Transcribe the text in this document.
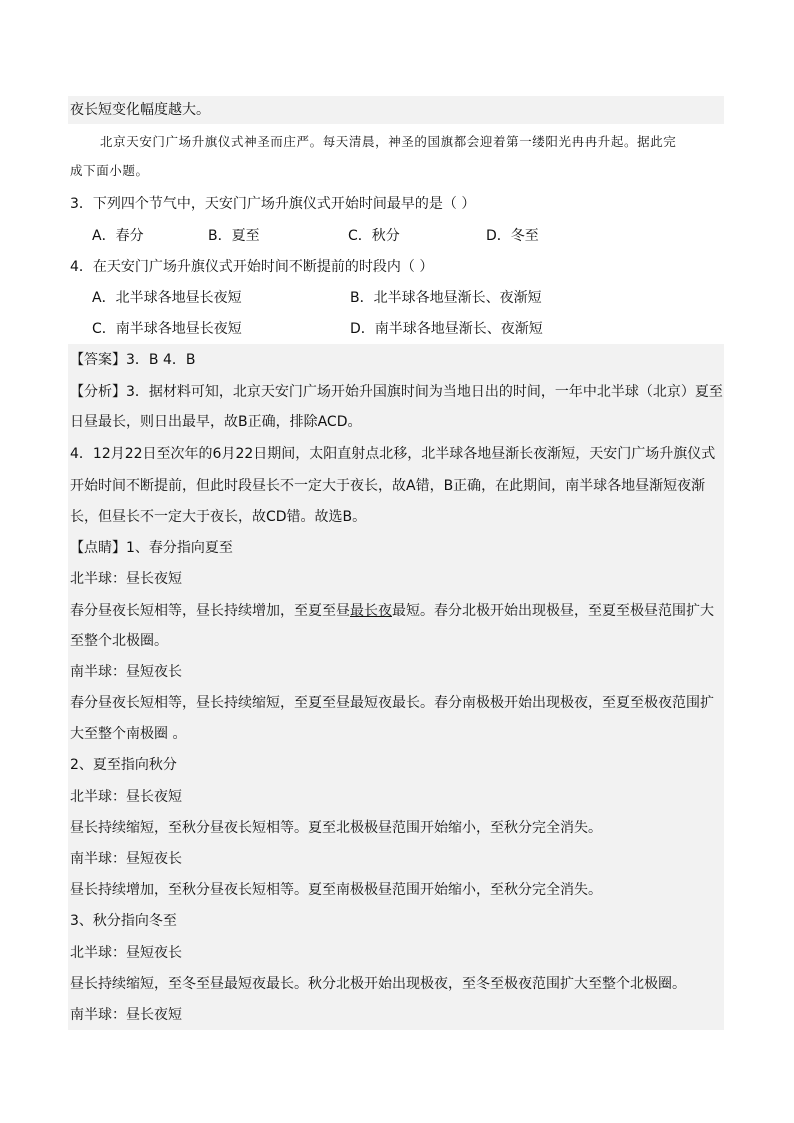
夜长短变化幅度越大。
北京天安门广场升旗仪式神圣而庄严。每天清晨，神圣的国旗都会迎着第一缕阳光冉冉升起。据此完
成下面小题。
3．下列四个节气中，天安门广场升旗仪式开始时间最早的是（ ）
A．春分	B．夏至	C．秋分	D．冬至
4．在天安门广场升旗仪式开始时间不断提前的时段内（ ）
A．北半球各地昼长夜短	B．北半球各地昼渐长、夜渐短
C．南半球各地昼长夜短	D．南半球各地昼渐长、夜渐短
【答案】3．B 4．B
【分析】3．据材料可知，北京天安门广场开始升国旗时间为当地日出的时间，一年中北半球（北京）夏至
日昼最长，则日出最早，故B正确，排除ACD。
4．12月22日至次年的6月22日期间，太阳直射点北移，北半球各地昼渐长夜渐短，天安门广场升旗仪式
开始时间不断提前，但此时段昼长不一定大于夜长，故A错，B正确，在此期间，南半球各地昼渐短夜渐
长，但昼长不一定大于夜长，故CD错。故选B。
【点睛】1、春分指向夏至
北半球：昼长夜短
春分昼夜长短相等，昼长持续增加，至夏至昼最长夜最短。春分北极开始出现极昼，至夏至极昼范围扩大
至整个北极圈。
南半球：昼短夜长
春分昼夜长短相等，昼长持续缩短，至夏至昼最短夜最长。春分南极极开始出现极夜，至夏至极夜范围扩
大至整个南极圈 。
2、夏至指向秋分
北半球：昼长夜短
昼长持续缩短，至秋分昼夜长短相等。夏至北极极昼范围开始缩小，至秋分完全消失。
南半球：昼短夜长
昼长持续增加，至秋分昼夜长短相等。夏至南极极昼范围开始缩小，至秋分完全消失。
3、秋分指向冬至
北半球：昼短夜长
昼长持续缩短，至冬至昼最短夜最长。秋分北极开始出现极夜，至冬至极夜范围扩大至整个北极圈。
南半球：昼长夜短
